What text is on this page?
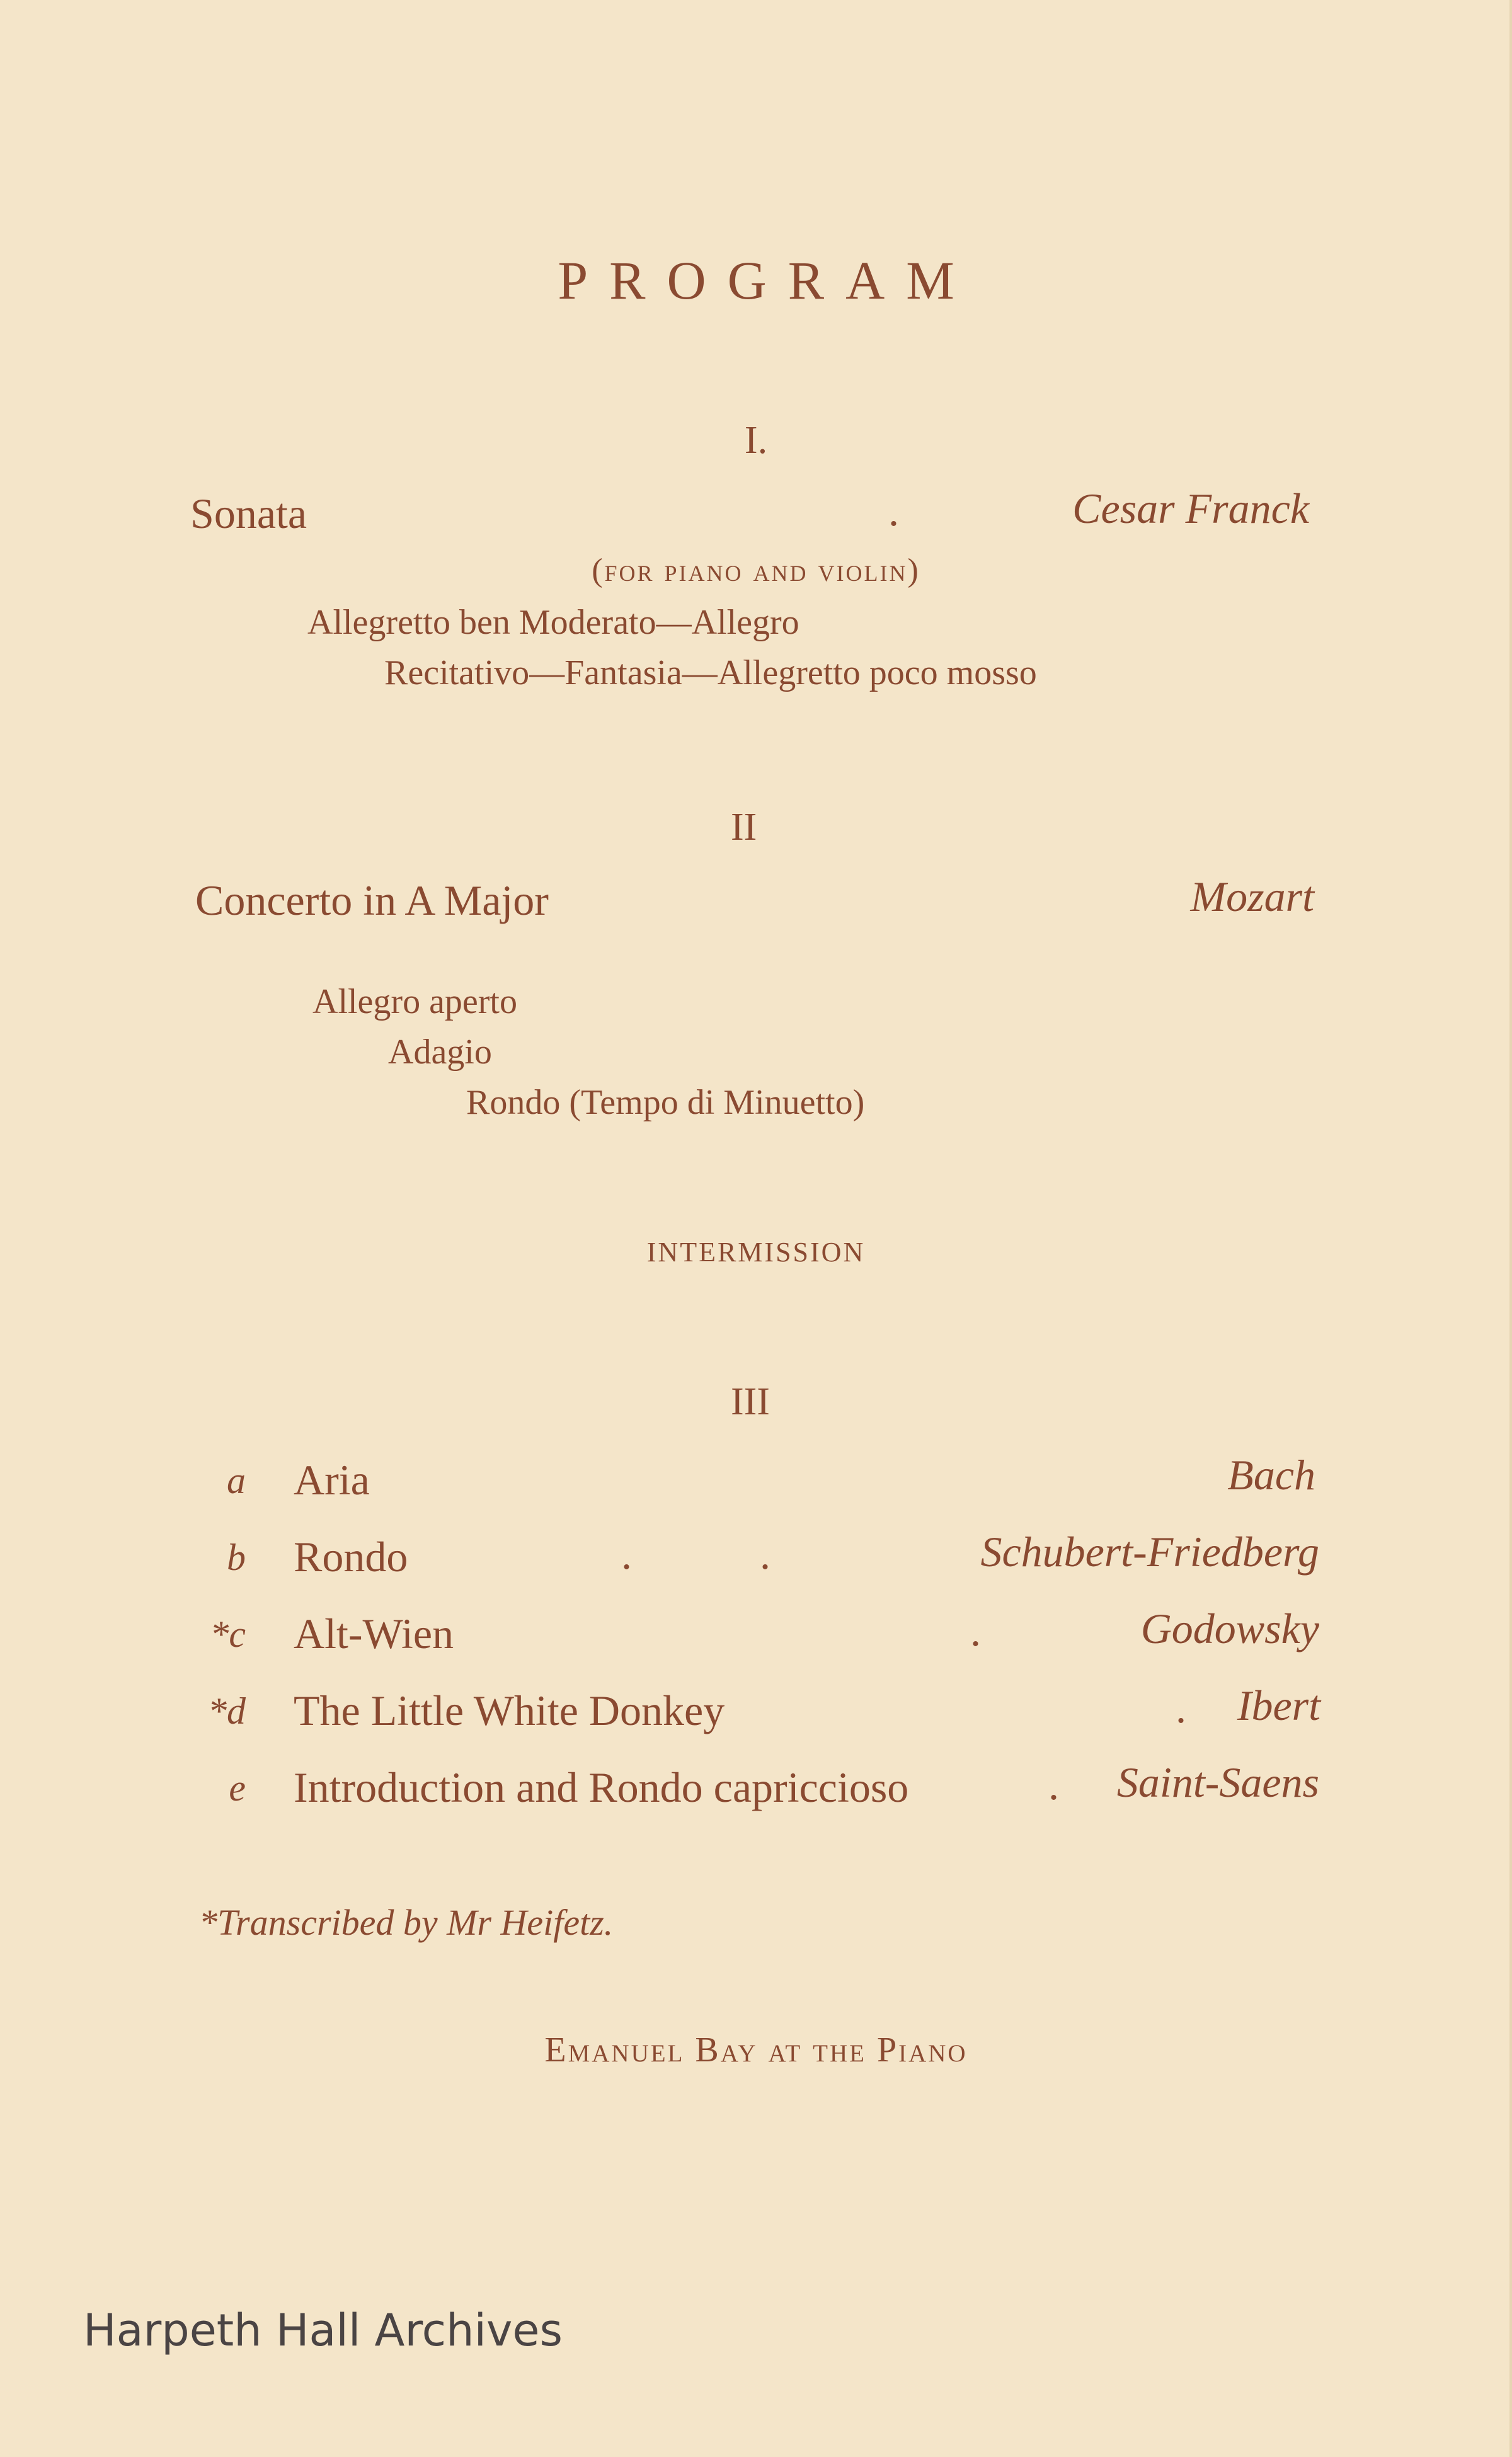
PROGRAM
I.
Sonata	.	Cesar Franck
(for piano and violin)
Allegretto ben Moderato—Allegro
Recitativo—Fantasia—Allegretto poco mosso
II
Concerto in A Major	Mozart
Allegro aperto
Adagio
Rondo (Tempo di Minuetto)
INTERMISSION
III
a Aria	Bach
b Rondo	.	.	Schubert-Friedberg
*c Alt-Wien	.	Godowsky
*d The Little White Donkey	. Ibert
e Introduction and Rondo capriccioso	. Saint-Saens
*Transcribed by Mr Heifetz.
Emanuel Bay at the Piano
Harpeth Hall Archives
